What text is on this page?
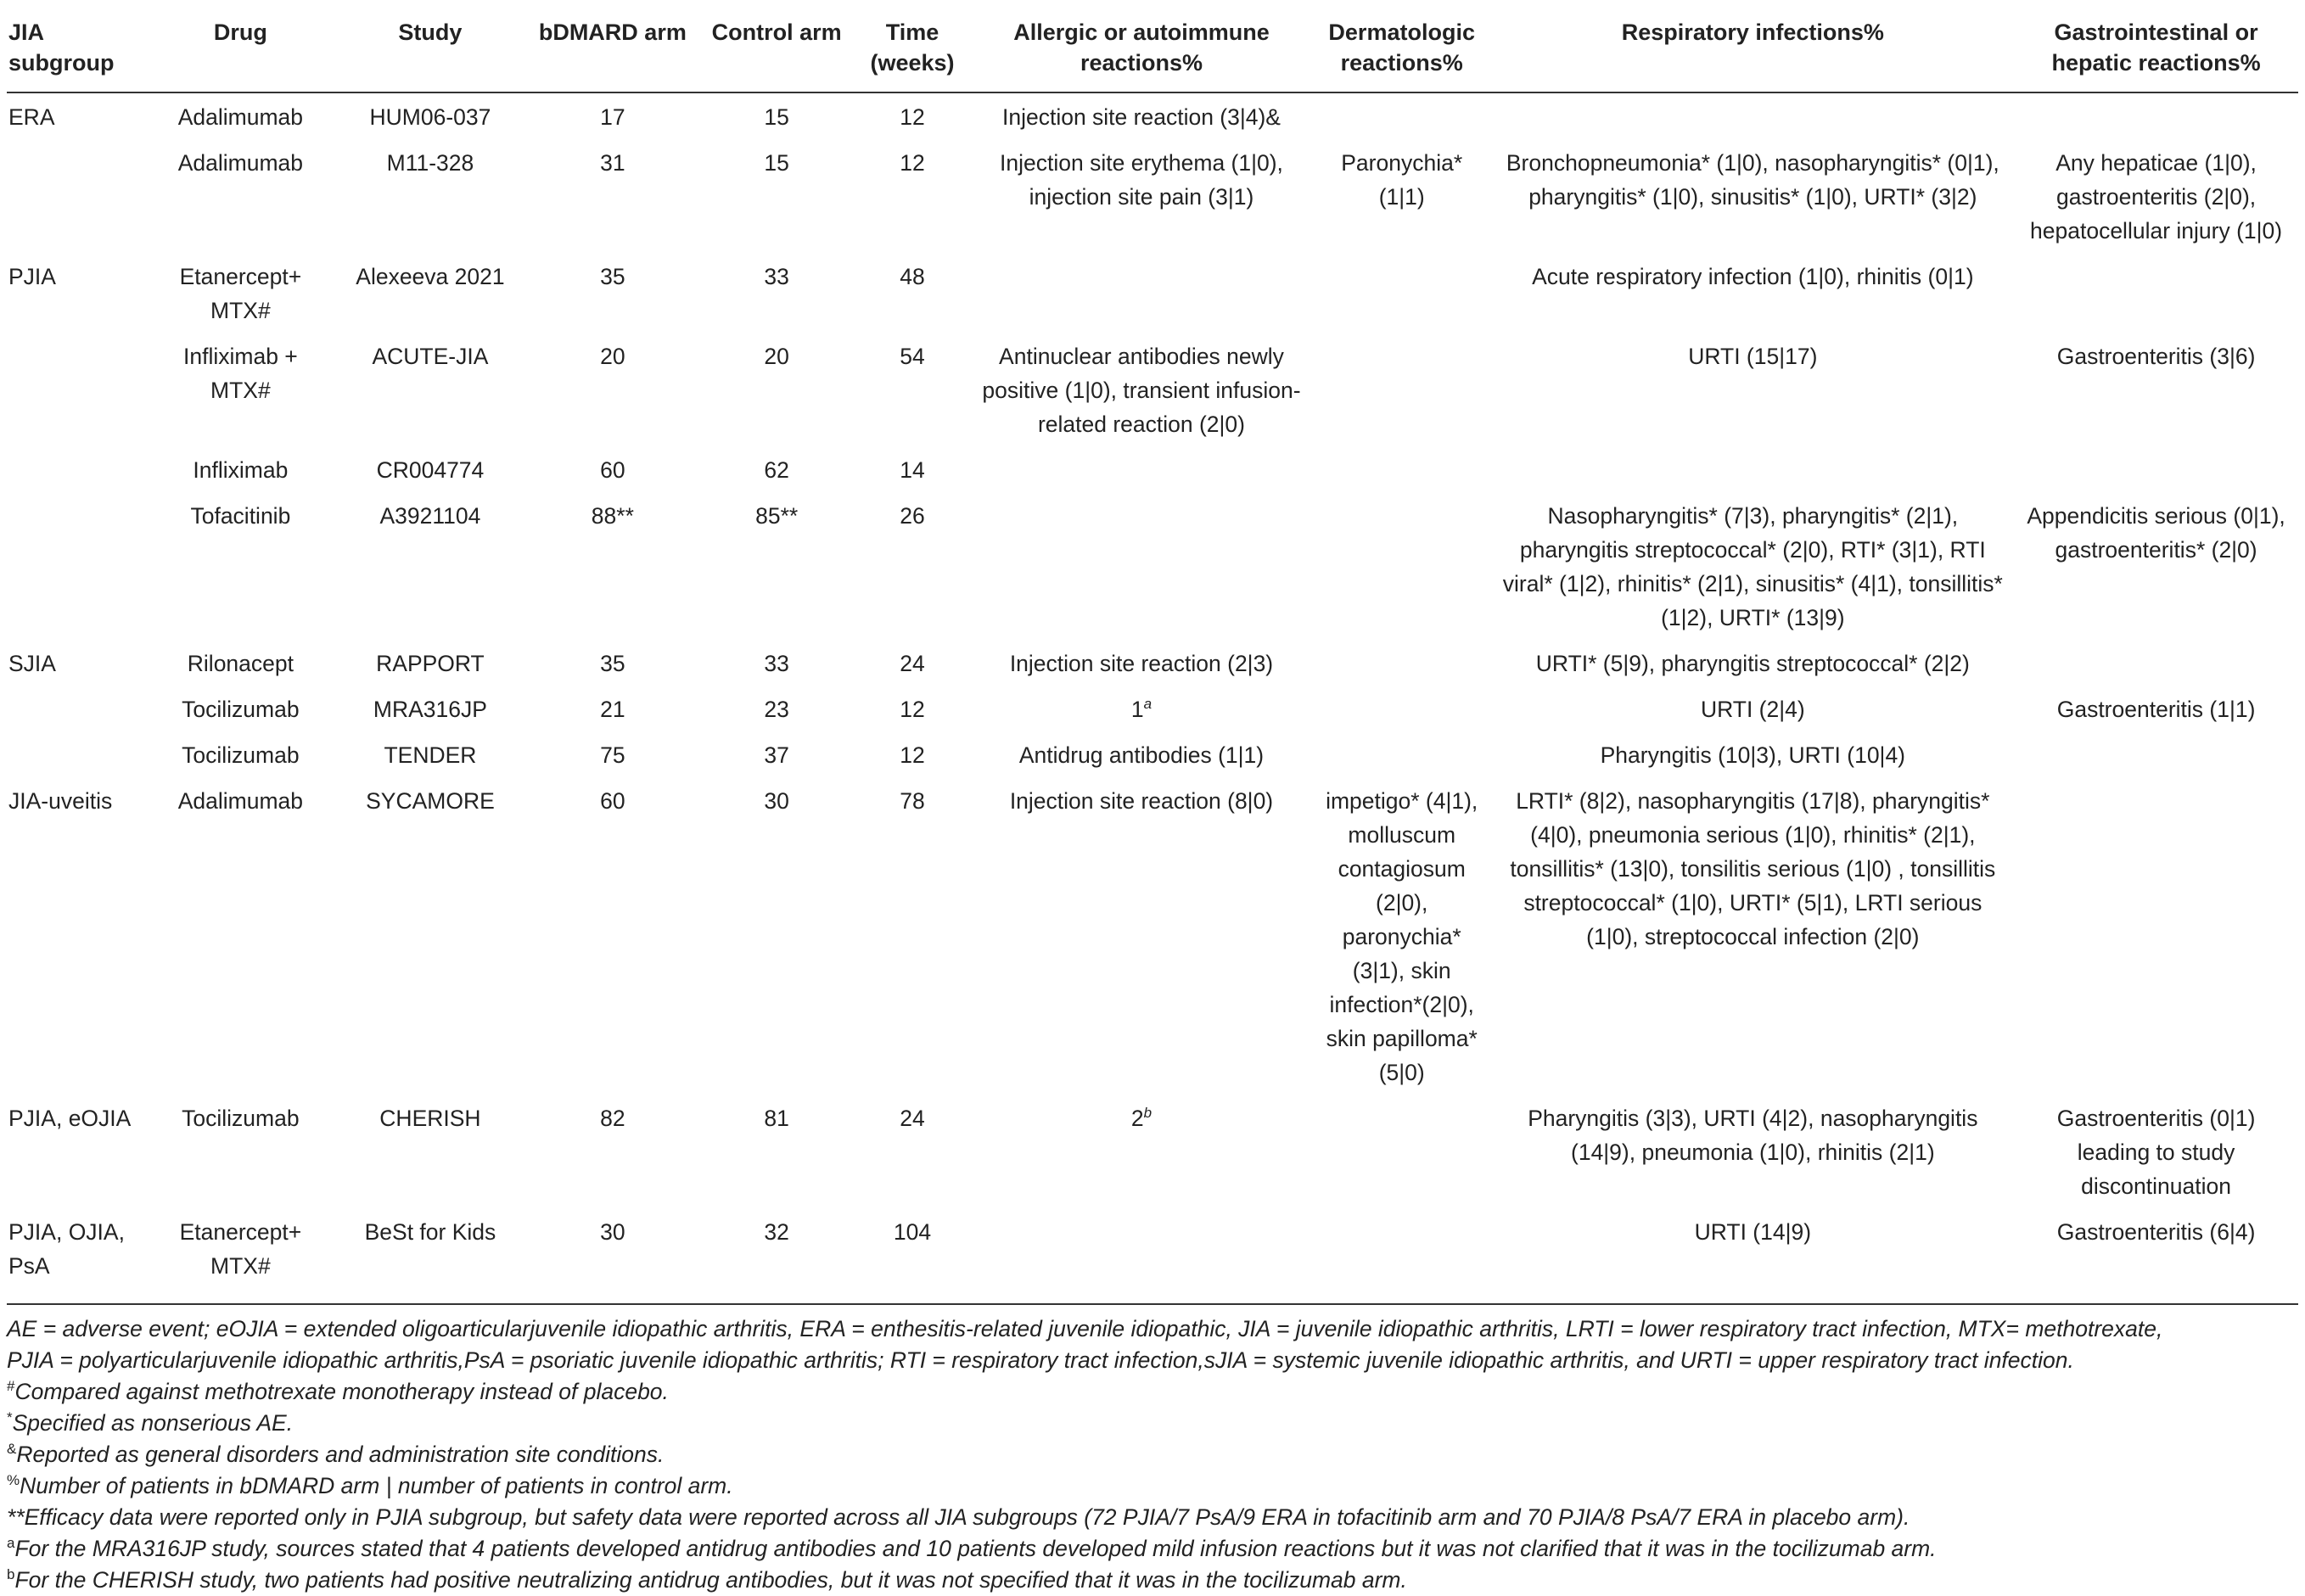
JIA subgroup	Drug	Study	bDMARD arm	Control arm	Time (weeks)	Allergic or autoimmune reactions%	Dermatologic reactions%	Respiratory infections%	Gastrointestinal or hepatic reactions%
ERA	Adalimumab	HUM06-037	17	15	12	Injection site reaction (3|4)&			
	Adalimumab	M11-328	31	15	12	Injection site erythema (1|0), injection site pain (3|1)	Paronychia* (1|1)	Bronchopneumonia* (1|0), nasopharyngitis* (0|1), pharyngitis* (1|0), sinusitis* (1|0), URTI* (3|2)	Any hepaticae (1|0), gastroenteritis (2|0), hepatocellular injury (1|0)
PJIA	Etanercept+ MTX#	Alexeeva 2021	35	33	48			Acute respiratory infection (1|0), rhinitis (0|1)	
	Infliximab + MTX#	ACUTE-JIA	20	20	54	Antinuclear antibodies newly positive (1|0), transient infusion-related reaction (2|0)		URTI (15|17)	Gastroenteritis (3|6)
	Infliximab	CR004774	60	62	14				
	Tofacitinib	A3921104	88**	85**	26			Nasopharyngitis* (7|3), pharyngitis* (2|1), pharyngitis streptococcal* (2|0), RTI* (3|1), RTI viral* (1|2), rhinitis* (2|1), sinusitis* (4|1), tonsillitis* (1|2), URTI* (13|9)	Appendicitis serious (0|1), gastroenteritis* (2|0)
SJIA	Rilonacept	RAPPORT	35	33	24	Injection site reaction (2|3)		URTI* (5|9), pharyngitis streptococcal* (2|2)	
	Tocilizumab	MRA316JP	21	23	12	1$^a$		URTI (2|4)	Gastroenteritis (1|1)
	Tocilizumab	TENDER	75	37	12	Antidrug antibodies (1|1)		Pharyngitis (10|3), URTI (10|4)	
JIA-uveitis	Adalimumab	SYCAMORE	60	30	78	Injection site reaction (8|0)	impetigo* (4|1), molluscum contagiosum (2|0), paronychia* (3|1), skin infection*(2|0), skin papilloma* (5|0)	LRTI* (8|2), nasopharyngitis (17|8), pharyngitis* (4|0), pneumonia serious (1|0), rhinitis* (2|1), tonsillitis* (13|0), tonsilitis serious (1|0) , tonsillitis streptococcal* (1|0), URTI* (5|1), LRTI serious (1|0), streptococcal infection (2|0)	
PJIA, eOJIA	Tocilizumab	CHERISH	82	81	24	2$^b$		Pharyngitis (3|3), URTI (4|2), nasopharyngitis (14|9), pneumonia (1|0), rhinitis (2|1)	Gastroenteritis (0|1) leading to study discontinuation
PJIA, OJIA, PsA	Etanercept+ MTX#	BeSt for Kids	30	32	104			URTI (14|9)	Gastroenteritis (6|4)
AE = adverse event; eOJIA = extended oligoarticularjuvenile idiopathic arthritis, ERA = enthesitis-related juvenile idiopathic, JIA = juvenile idiopathic arthritis, LRTI = lower respiratory tract infection, MTX= methotrexate,
PJIA = polyarticularjuvenile idiopathic arthritis,PsA = psoriatic juvenile idiopathic arthritis; RTI = respiratory tract infection,sJIA = systemic juvenile idiopathic arthritis, and URTI = upper respiratory tract infection.
#Compared against methotrexate monotherapy instead of placebo.
*Specified as nonserious AE.
&Reported as general disorders and administration site conditions.
%Number of patients in bDMARD arm | number of patients in control arm.
**Efficacy data were reported only in PJIA subgroup, but safety data were reported across all JIA subgroups (72 PJIA/7 PsA/9 ERA in tofacitinib arm and 70 PJIA/8 PsA/7 ERA in placebo arm).
$^a$For the MRA316JP study, sources stated that 4 patients developed antidrug antibodies and 10 patients developed mild infusion reactions but it was not clarified that it was in the tocilizumab arm.
$^b$For the CHERISH study, two patients had positive neutralizing antidrug antibodies, but it was not specified that it was in the tocilizumab arm.
